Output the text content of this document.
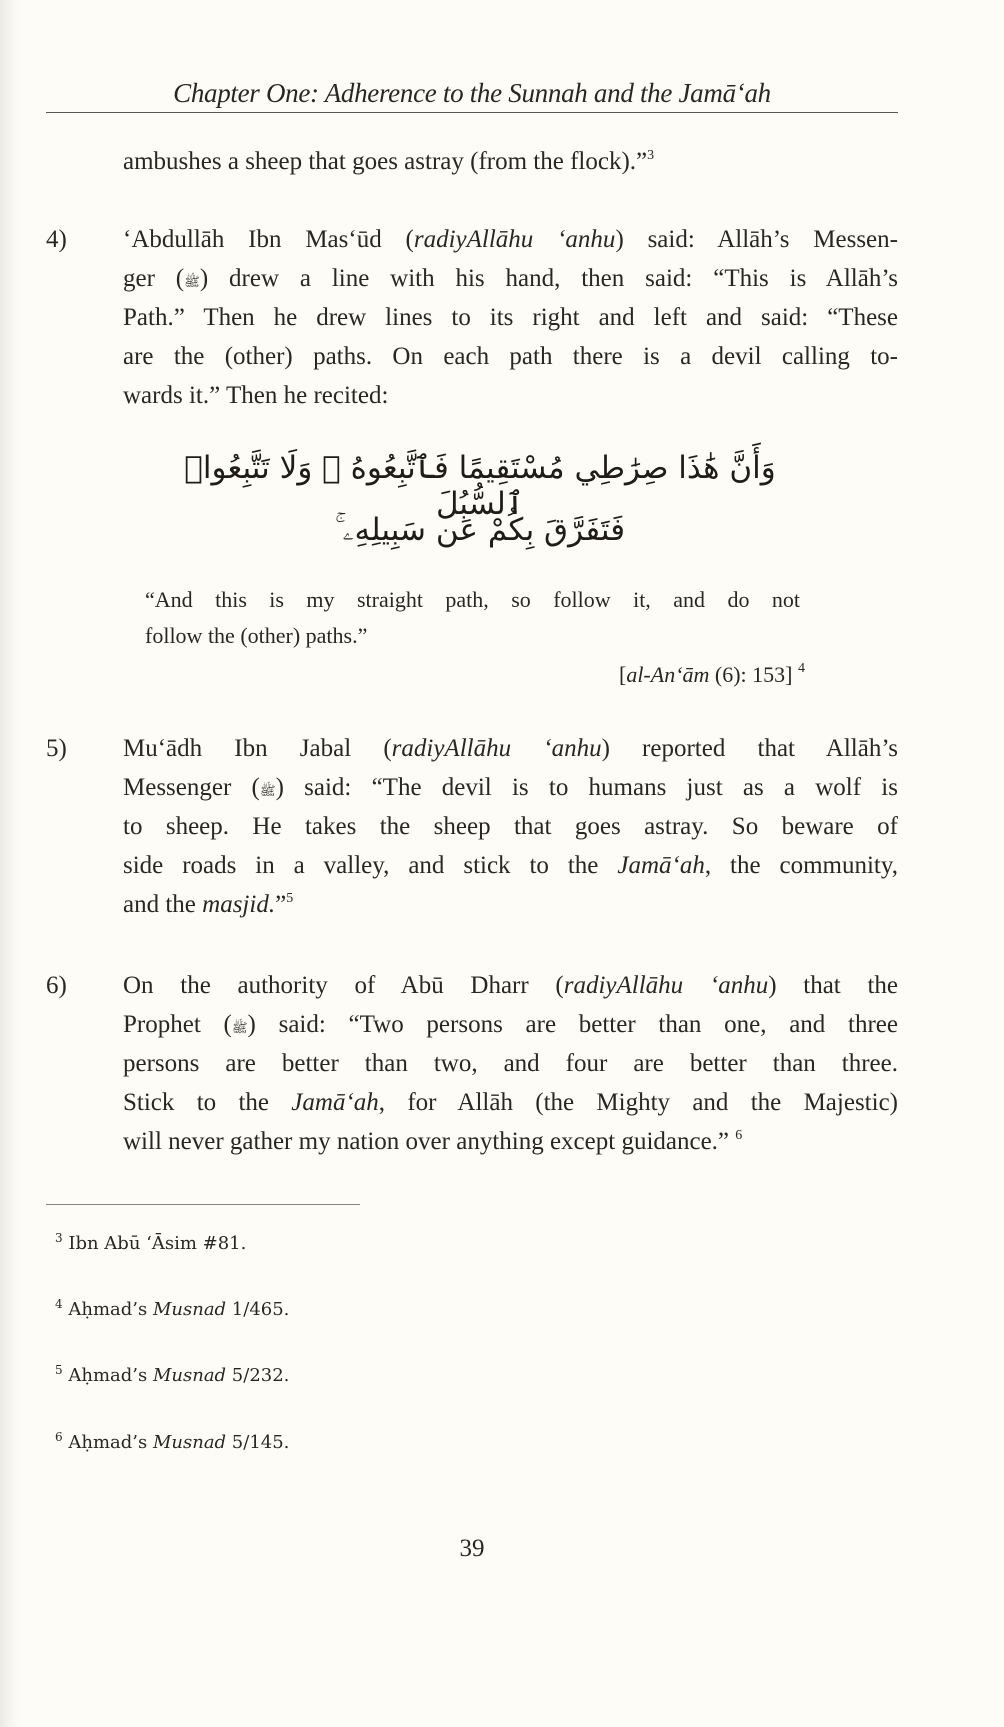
Chapter One: Adherence to the Sunnah and the Jamā‘ah
ambushes a sheep that goes astray (from the flock).”$^3$
4) ‘Abdullāh Ibn Mas‘ūd (radiyAllāhu ‘anhu) said: Allāh’s Messen-
ger (ﷺ) drew a line with his hand, then said: “This is Allāh’s
Path.” Then he drew lines to its right and left and said: “These
are the (other) paths. On each path there is a devil calling to-
wards it.” Then he recited:
وَأَنَّ هَٰذَا صِرَٰطِي مُسْتَقِيمًا فَٱتَّبِعُوهُ ۖ وَلَا تَتَّبِعُوا۟ ٱلسُّبُلَ
فَتَفَرَّقَ بِكُمْ عَن سَبِيلِهِۦ ۚ
“And this is my straight path, so follow it, and do not
follow the (other) paths.”
[al-An‘ām (6): 153] $^4$
5) Mu‘ādh Ibn Jabal (radiyAllāhu ‘anhu) reported that Allāh’s
Messenger (ﷺ) said: “The devil is to humans just as a wolf is
to sheep. He takes the sheep that goes astray. So beware of
side roads in a valley, and stick to the Jamā‘ah, the community,
and the masjid.”$^5$
6) On the authority of Abū Dharr (radiyAllāhu ‘anhu) that the
Prophet (ﷺ) said: “Two persons are better than one, and three
persons are better than two, and four are better than three.
Stick to the Jamā‘ah, for Allāh (the Mighty and the Majestic)
will never gather my nation over anything except guidance.” $^6$
$^3$ Ibn Abū ‘Āsim #81.
$^4$ Aḥmad’s Musnad 1/465.
$^5$ Aḥmad’s Musnad 5/232.
$^6$ Aḥmad’s Musnad 5/145.
39
